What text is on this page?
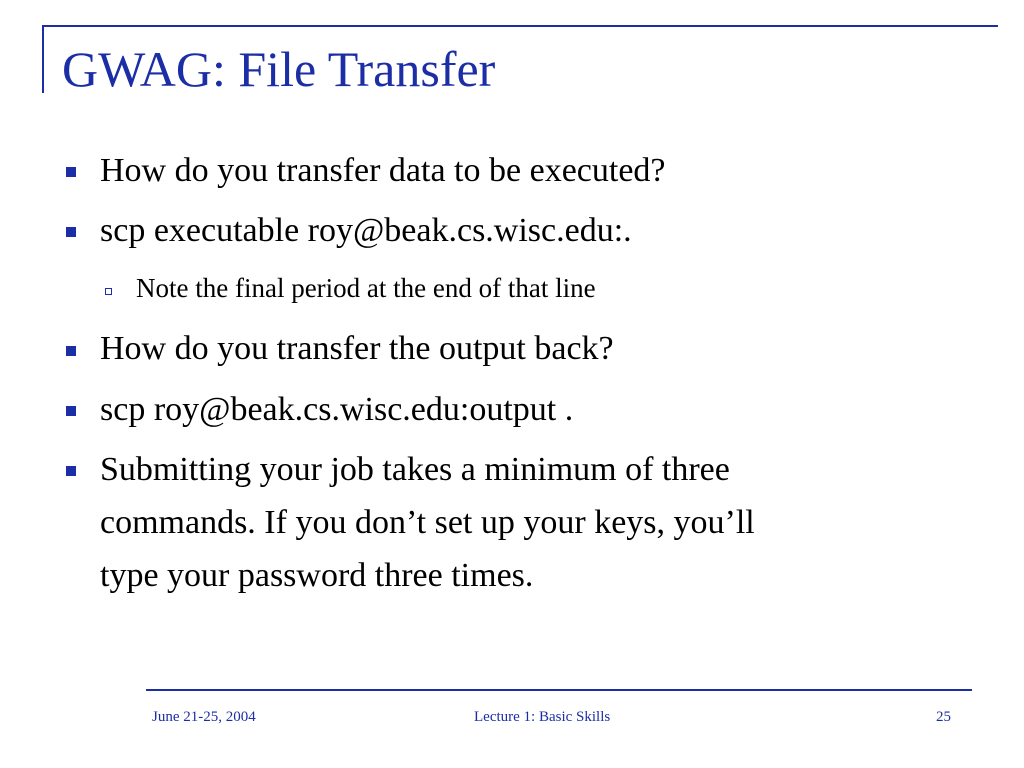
GWAG: File Transfer
How do you transfer data to be executed?
scp executable roy@beak.cs.wisc.edu:.
Note the final period at the end of that line
How do you transfer the output back?
scp roy@beak.cs.wisc.edu:output .
Submitting your job takes a minimum of three
commands. If you don’t set up your keys, you’ll
type your password three times.
June 21-25, 2004	Lecture 1: Basic Skills	25
